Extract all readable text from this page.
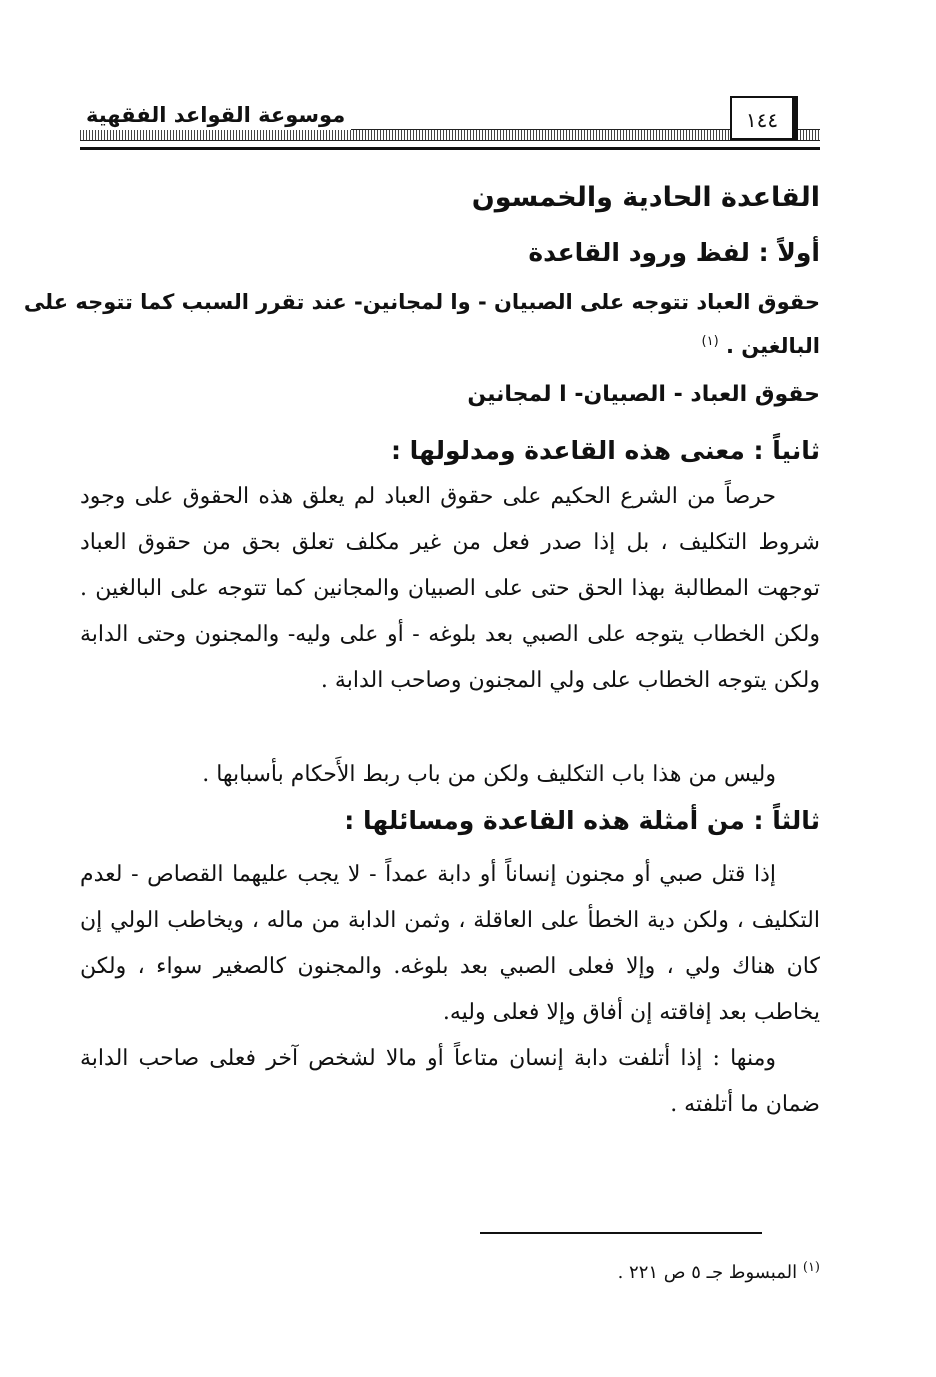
موسوعة القواعد الفقهية	١٤٤
القاعدة الحادية والخمسون
أولاً : لفظ ورود القاعدة
حقوق العباد تتوجه على الصبيان - وا لمجانين- عند تقرر السبب كما تتوجه على
البالغين . $^{(١)}$
حقوق العباد - الصبيان- ا لمجانين
ثانياً : معنى هذه القاعدة ومدلولها :
حرصاً من الشرع الحكيم على حقوق العباد لم يعلق هذه الحقوق على وجود شروط التكليف ، بل إذا صدر فعل من غير مكلف تعلق بحق من حقوق العباد توجهت المطالبة بهذا الحق حتى على الصبيان والمجانين كما تتوجه على البالغين . ولكن الخطاب يتوجه على الصبي بعد بلوغه - أو على وليه- والمجنون وحتى الدابة ولكن يتوجه الخطاب على ولي المجنون وصاحب الدابة .
وليس من هذا باب التكليف ولكن من باب ربط الأَحكام بأسبابها .
ثالثاً : من أمثلة هذه القاعدة ومسائلها :
إذا قتل صبي أو مجنون إنساناً أو دابة عمداً - لا يجب عليهما القصاص - لعدم التكليف ، ولكن دية الخطأ على العاقلة ، وثمن الدابة من ماله ، ويخاطب الولي إن كان هناك ولي ، وإلا فعلى الصبي بعد بلوغه. والمجنون كالصغير سواء ، ولكن يخاطب بعد إفاقته إن أفاق وإلا فعلى وليه.
ومنها : إذا أتلفت دابة إنسان متاعاً أو مالا لشخص آخر فعلى صاحب الدابة ضمان ما أتلفته .
$^{(١)}$ المبسوط جـ ٥ ص ٢٢١ .
